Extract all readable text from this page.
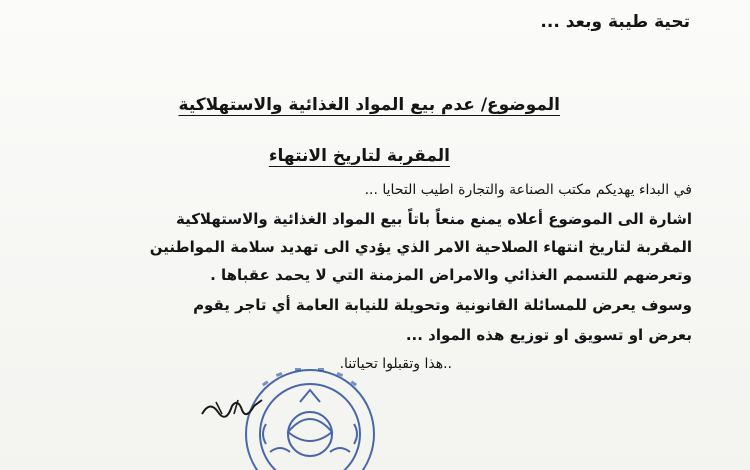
تحية طيبة وبعد ...
الموضوع/ عدم بيع المواد الغذائية والاستهلاكية
المقربة لتاريخ الانتهاء
في البداء يهديكم مكتب الصناعة والتجارة اطيب التحايا ...
اشارة الى الموضوع أعلاه يمنع منعاً باتاً بيع المواد الغذائية والاستهلاكية
المقربة لتاريخ انتهاء الصلاحية الامر الذي يؤدي الى تهديد سلامة المواطنين
وتعرضهم للتسمم الغذائي والامراض المزمنة التي لا يحمد عقباها .
وسوف يعرض للمسائلة القانونية وتحويلة للنيابة العامة أي تاجر يقوم
بعرض او تسويق او توزيع هذه المواد ...
..هذا وتقبلوا تحياتنا.
